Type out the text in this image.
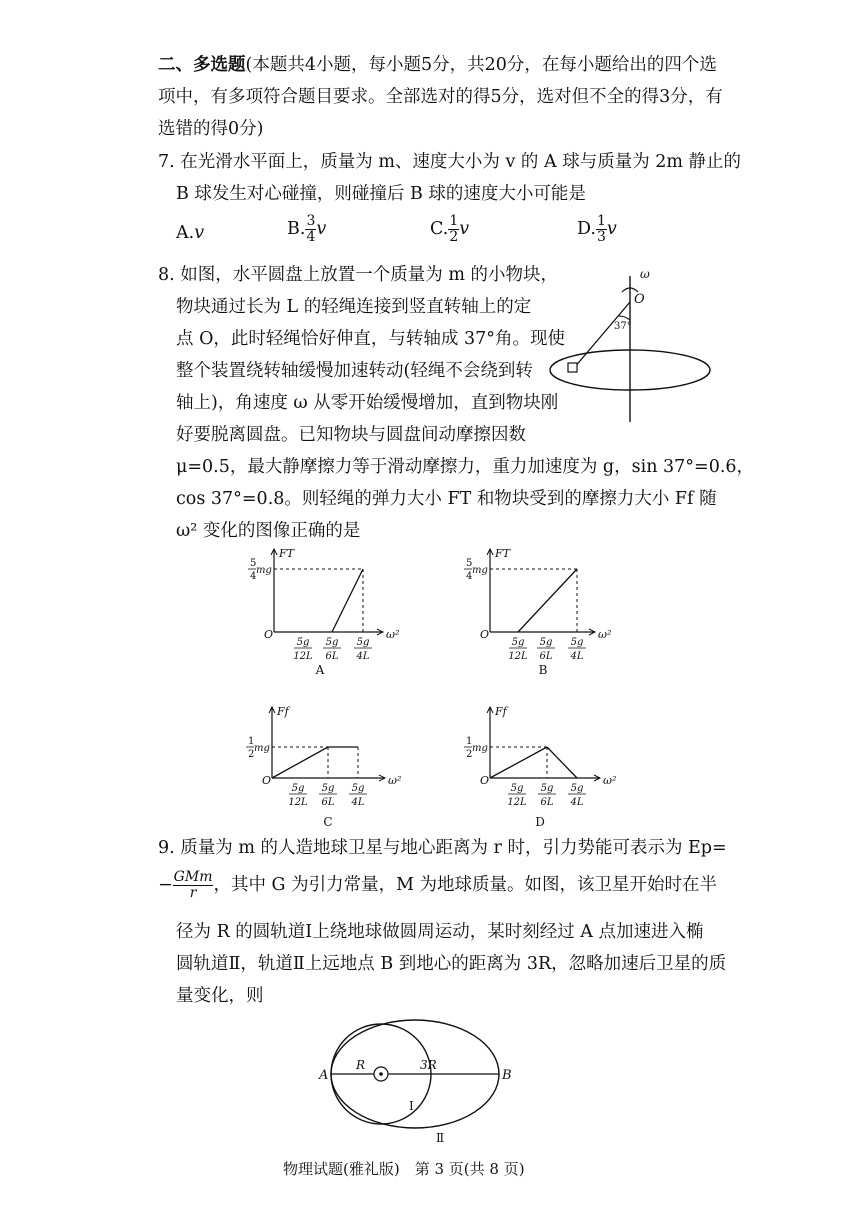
二、多选题(本题共4小题，每小题5分，共20分，在每小题给出的四个选
项中，有多项符合题目要求。全部选对的得5分，选对但不全的得3分，有
选错的得0分)
7. 在光滑水平面上，质量为 m、速度大小为 v 的 A 球与质量为 2m 静止的
B 球发生对心碰撞，则碰撞后 B 球的速度大小可能是
A.v	B. $\frac{3}{4}$ v	C. $\frac{1}{2}$ v	D. $\frac{1}{3}$ v
8. 如图，水平圆盘上放置一个质量为 m 的小物块，
物块通过长为 L 的轻绳连接到竖直转轴上的定
点 O，此时轻绳恰好伸直，与转轴成 37°角。现使
整个装置绕转轴缓慢加速转动(轻绳不会绕到转
轴上)，角速度 ω 从零开始缓慢增加，直到物块刚
好要脱离圆盘。已知物块与圆盘间动摩擦因数
μ=0.5，最大静摩擦力等于滑动摩擦力，重力加速度为 g，sin 37°=0.6，
cos 37°=0.8。则轻绳的弹力大小 FT 和物块受到的摩擦力大小 Ff 随
ω² 变化的图像正确的是
ω
O
37°
FT
ω²
O
5
4
mg
5g
12L
5g
6L
5g
4L
A
FT
ω²
O
5
4
mg
5g
12L
5g
6L
5g
4L
B
Ff
ω²
O
1
2
mg
5g
12L
5g
6L
5g
4L
C
Ff
ω²
O
1
2
mg
5g
12L
5g
6L
5g
4L
D
9. 质量为 m 的人造地球卫星与地心距离为 r 时，引力势能可表示为 Ep=
− $\frac{\text{GMm}}{r}$ ，其中 G 为引力常量，M 为地球质量。如图，该卫星开始时在半
径为 R 的圆轨道Ⅰ上绕地球做圆周运动，某时刻经过 A 点加速进入椭
圆轨道Ⅱ，轨道Ⅱ上远地点 B 到地心的距离为 3R，忽略加速后卫星的质
量变化，则
A	B
R	3R
Ⅰ
Ⅱ
物理试题(雅礼版)　第 3 页(共 8 页)
